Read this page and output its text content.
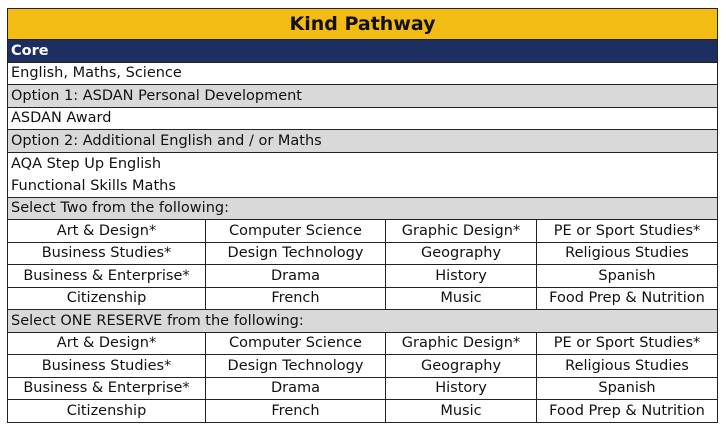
Kind Pathway			
Core			
English, Maths, Science			
Option 1: ASDAN Personal Development			
ASDAN Award			
Option 2: Additional English and / or Maths			

AQA Step Up English
Functional Skills Maths			

Select Two from the following:			
Art & Design*	Computer Science	Graphic Design*	PE or Sport Studies*
Business Studies*	Design Technology	Geography	Religious Studies
Business & Enterprise*	Drama	History	Spanish
Citizenship	French	Music	Food Prep & Nutrition
Select ONE RESERVE from the following:			
Art & Design*	Computer Science	Graphic Design*	PE or Sport Studies*
Business Studies*	Design Technology	Geography	Religious Studies
Business & Enterprise*	Drama	History	Spanish
Citizenship	French	Music	Food Prep & Nutrition
